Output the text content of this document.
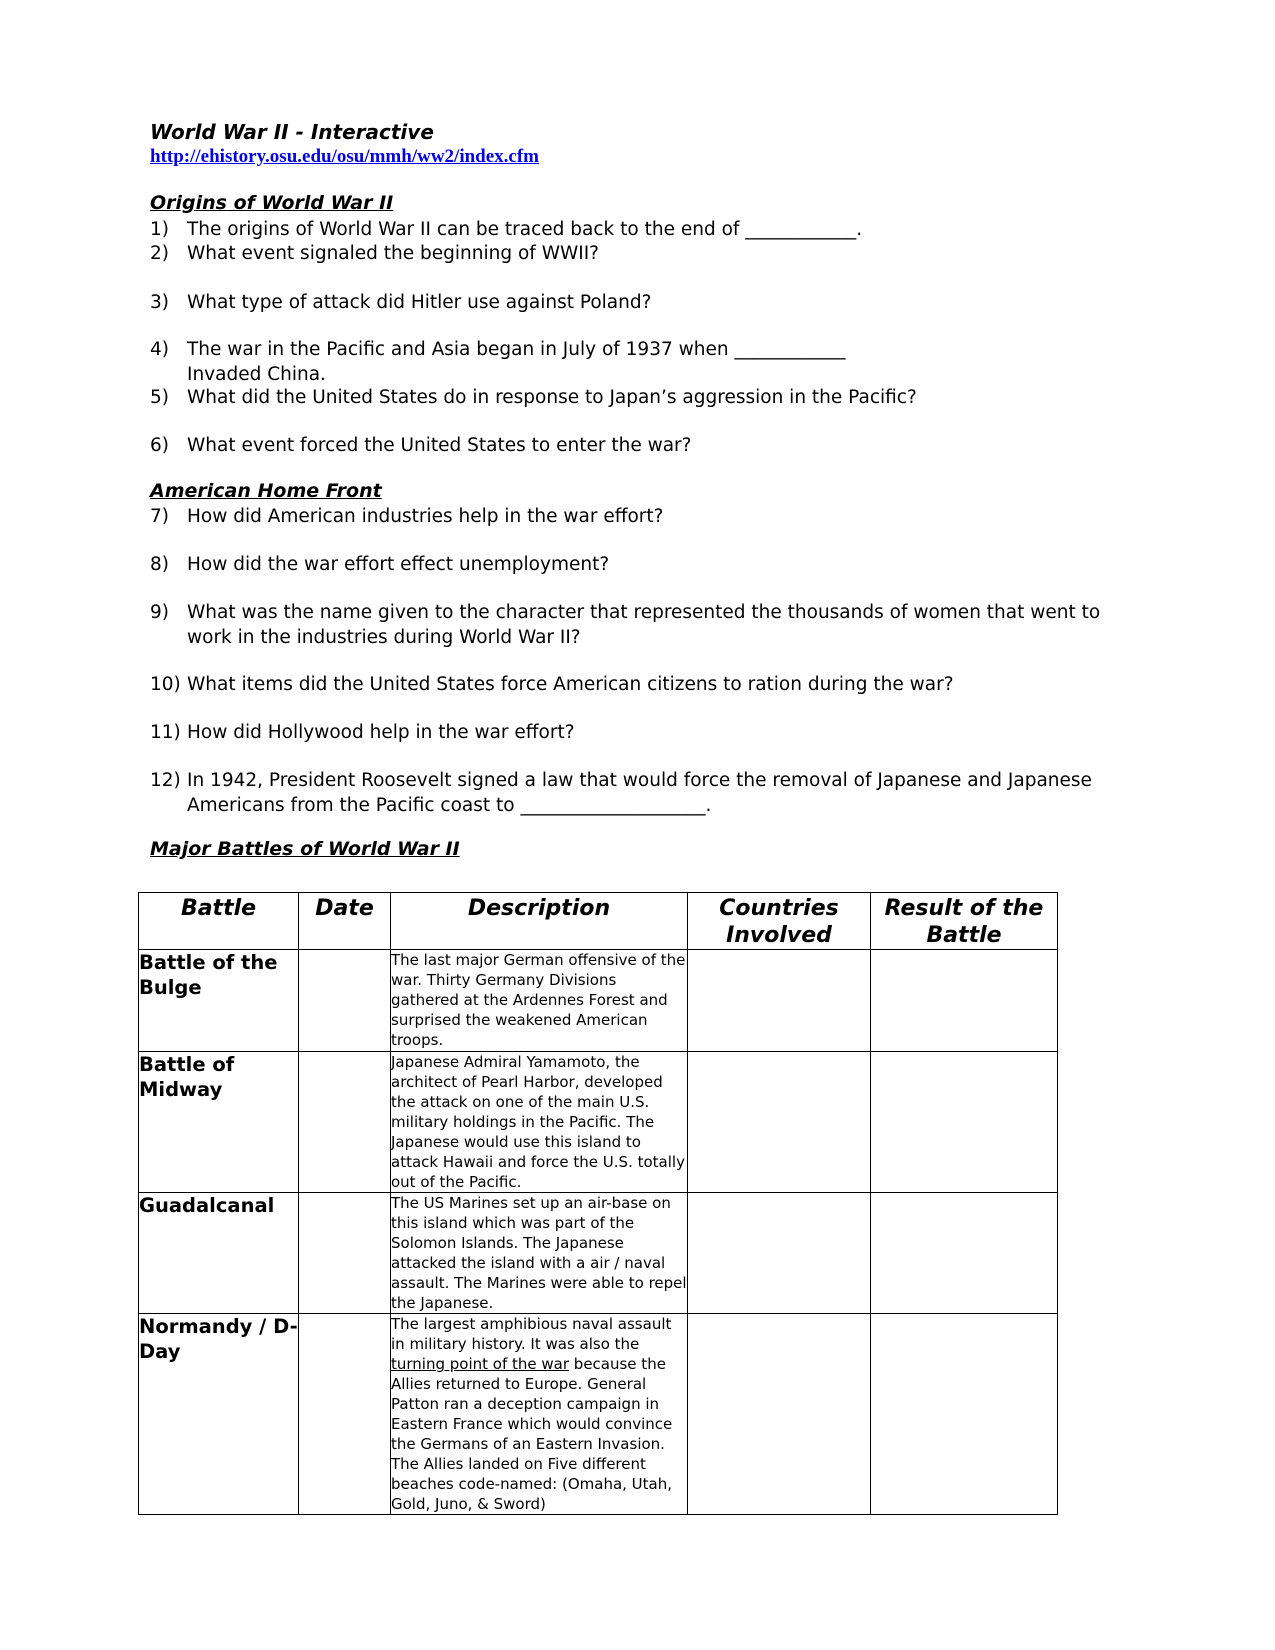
World War II - Interactive
http://ehistory.osu.edu/osu/mmh/ww2/index.cfm
Origins of World War II
1) The origins of World War II can be traced back to the end of ____________.
2) What event signaled the beginning of WWII?
3) What type of attack did Hitler use against Poland?
4) The war in the Pacific and Asia began in July of 1937 when ____________
Invaded China.
5) What did the United States do in response to Japan’s aggression in the Pacific?
6) What event forced the United States to enter the war?
American Home Front
7) How did American industries help in the war effort?
8) How did the war effort effect unemployment?
9) What was the name given to the character that represented the thousands of women that went to
work in the industries during World War II?
10) What items did the United States force American citizens to ration during the war?
11) How did Hollywood help in the war effort?
12) In 1942, President Roosevelt signed a law that would force the removal of Japanese and Japanese
Americans from the Pacific coast to ____________________.
Major Battles of World War II
Battle	Date	Description	Countries Involved	Result of the Battle
Battle of the Bulge		The last major German offensive of the war. Thirty Germany Divisions gathered at the Ardennes Forest and surprised the weakened American troops.		
Battle of Midway		Japanese Admiral Yamamoto, the architect of Pearl Harbor, developed the attack on one of the main U.S. military holdings in the Pacific. The Japanese would use this island to attack Hawaii and force the U.S. totally out of the Pacific.		
Guadalcanal		The US Marines set up an air-base on this island which was part of the Solomon Islands. The Japanese attacked the island with a air / naval assault. The Marines were able to repel the Japanese.		
Normandy / D-Day		The largest amphibious naval assault in military history. It was also the turning point of the war because the Allies returned to Europe. General Patton ran a deception campaign in Eastern France which would convince the Germans of an Eastern Invasion. The Allies landed on Five different beaches code-named: (Omaha, Utah, Gold, Juno, & Sword)		
